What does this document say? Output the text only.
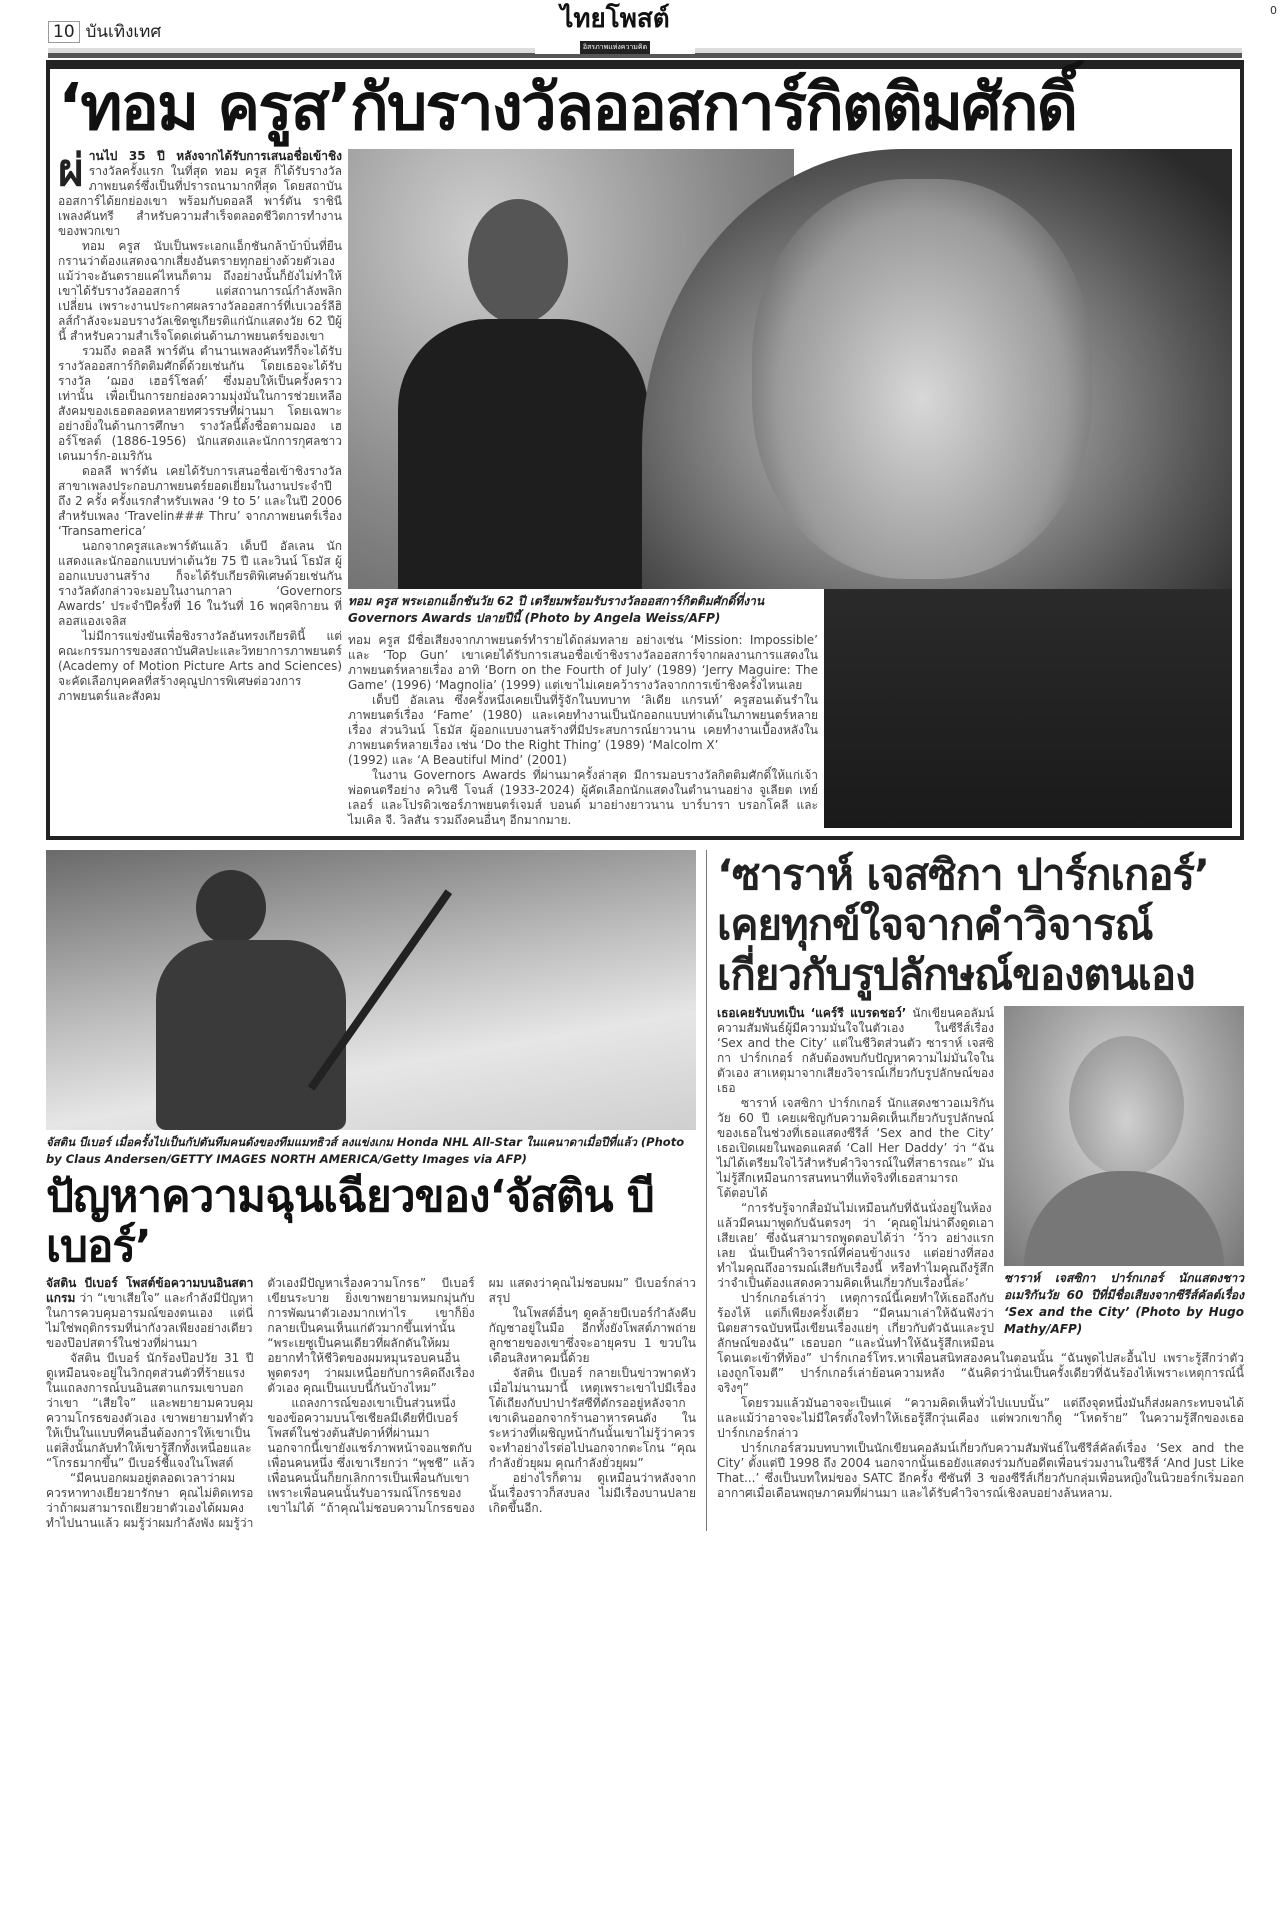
10 บันเทิงเทศ	ไทยโพสต์
อิสรภาพแห่งความคิด
0
‘ทอม ครูส’กับรางวัลออสการ์กิตติมศักดิ์
ผ่ านไป 35 ปี หลังจากได้รับการเสนอชื่อเข้าชิง รางวัลครั้งแรก ในที่สุด ทอม ครูส ก็ได้รับรางวัลภาพยนตร์ซึ่งเป็นที่ปรารถนามากที่สุด โดยสถาบันออสการ์ได้ยกย่องเขา พร้อมกับดอลลี พาร์ตัน ราชินีเพลงคันทรี สำหรับความสำเร็จตลอดชีวิตการทำงานของพวกเขา

ทอม ครูส นับเป็นพระเอกแอ็กชันกล้าบ้าบิ่นที่ยืนกรานว่าต้องแสดงฉากเสี่ยงอันตรายทุกอย่างด้วยตัวเอง แม้ว่าจะอันตรายแค่ไหนก็ตาม ถึงอย่างนั้นก็ยังไม่ทำให้เขาได้รับรางวัลออสการ์ แต่สถานการณ์กำลังพลิกเปลี่ยน เพราะงานประกาศผลรางวัลออสการ์ที่เบเวอร์ลีฮิลส์กำลังจะมอบรางวัลเชิดชูเกียรติแก่นักแสดงวัย 62 ปีผู้นี้ สำหรับความสำเร็จโดดเด่นด้านภาพยนตร์ของเขา

รวมถึง ดอลลี พาร์ตัน ตำนานเพลงคันทรีก็จะได้รับรางวัลออสการ์กิตติมศักดิ์ด้วยเช่นกัน โดยเธอจะได้รับรางวัล ‘ฌอง เฮอร์โชลต์’ ซึ่งมอบให้เป็นครั้งคราวเท่านั้น เพื่อเป็นการยกย่องความมุ่งมั่นในการช่วยเหลือสังคมของเธอตลอดหลายทศวรรษที่ผ่านมา โดยเฉพาะอย่างยิ่งในด้านการศึกษา รางวัลนี้ตั้งชื่อตามฌอง เฮอร์โชลต์ (1886-1956) นักแสดงและนักการกุศลชาวเดนมาร์ก-อเมริกัน

ดอลลี พาร์ตัน เคยได้รับการเสนอชื่อเข้าชิงรางวัลสาขาเพลงประกอบภาพยนตร์ยอดเยี่ยมในงานประจำปีถึง 2 ครั้ง ครั้งแรกสำหรับเพลง ‘9 to 5’ และในปี 2006 สำหรับเพลง ‘Travelin### Thru’ จากภาพยนตร์เรื่อง ‘Transamerica’

นอกจากครูสและพาร์ตันแล้ว เด็บบี อัลเลน นักแสดงและนักออกแบบท่าเต้นวัย 75 ปี และวินน์ โธมัส ผู้ออกแบบงานสร้าง ก็จะได้รับเกียรติพิเศษด้วยเช่นกัน รางวัลดังกล่าวจะมอบในงานกาลา ‘Governors Awards’ ประจำปีครั้งที่ 16 ในวันที่ 16 พฤศจิกายน ที่ลอสแองเจลิส

ไม่มีการแข่งขันเพื่อชิงรางวัลอันทรงเกียรตินี้ แต่คณะกรรมการของสถาบันศิลปะและวิทยาการภาพยนตร์ (Academy of Motion Picture Arts and Sciences) จะคัดเลือกบุคคลที่สร้างคุณูปการพิเศษต่อวงการภาพยนตร์และสังคม

ทอม ครูส พระเอกแอ็กชันวัย 62 ปี เตรียมพร้อมรับรางวัลออสการ์กิตติมศักดิ์ที่งาน Governors Awards ปลายปีนี้ (Photo by Angela Weiss/AFP)

ทอม ครูส มีชื่อเสียงจากภาพยนตร์ทำรายได้ถล่มทลาย อย่างเช่น ‘Mission: Impossible’ และ ‘Top Gun’ เขาเคยได้รับการเสนอชื่อเข้าชิงรางวัลออสการ์จากผลงานการแสดงในภาพยนตร์หลายเรื่อง อาทิ ‘Born on the Fourth of July’ (1989) ‘Jerry Maguire: The Game’ (1996) ‘Magnolia’ (1999) แต่เขาไม่เคยคว้ารางวัลจากการเข้าชิงครั้งไหนเลย

เด็บบี อัลเลน ซึ่งครั้งหนึ่งเคยเป็นที่รู้จักในบทบาท ‘ลิเดีย แกรนท์’ ครูสอนเต้นรำในภาพยนตร์เรื่อง ‘Fame’ (1980) และเคยทำงานเป็นนักออกแบบท่าเต้นในภาพยนตร์หลายเรื่อง ส่วนวินน์ โธมัส ผู้ออกแบบงานสร้างที่มีประสบการณ์ยาวนาน เคยทำงานเบื้องหลังในภาพยนตร์หลายเรื่อง เช่น ‘Do the Right Thing’ (1989) ‘Malcolm X’

(1992) และ ‘A Beautiful Mind’ (2001)

ในงาน Governors Awards ที่ผ่านมาครั้งล่าสุด มีการมอบรางวัลกิตติมศักดิ์ให้แก่เจ้าพ่อดนตรีอย่าง ควินซี โจนส์ (1933-2024) ผู้คัดเลือกนักแสดงในตำนานอย่าง จูเลียต เทย์เลอร์ และโปรดิวเซอร์ภาพยนตร์เจมส์ บอนด์ มาอย่างยาวนาน บาร์บารา บรอกโคลี และไมเคิล จี. วิลสัน รวมถึงคนอื่นๆ อีกมากมาย.

จัสติน บีเบอร์ เมื่อครั้งไปเป็นกัปตันทีมคนดังของทีมแมทธิวส์ ลงแข่งเกม Honda NHL All-Star ในแคนาดาเมื่อปีที่แล้ว (Photo by Claus Andersen/GETTY IMAGES NORTH AMERICA/Getty Images via AFP)
ปัญหาความฉุนเฉียวของ‘จัสติน บีเบอร์’

จัสติน บีเบอร์ โพสต์ข้อความบนอินสตาแกรม ว่า “เขาเสียใจ” และกำลังมีปัญหาในการควบคุมอารมณ์ของตนเอง แต่นี่ไม่ใช่พฤติกรรมที่น่ากังวลเพียงอย่างเดียวของป๊อปสตาร์ในช่วงที่ผ่านมา

จัสติน บีเบอร์ นักร้องป๊อปวัย 31 ปี ดูเหมือนจะอยู่ในวิกฤตส่วนตัวที่ร้ายแรง ในแถลงการณ์บนอินสตาแกรมเขาบอกว่าเขา “เสียใจ” และพยายามควบคุมความโกรธของตัวเอง เขาพยายามทำตัวให้เป็นในแบบที่คนอื่นต้องการให้เขาเป็น แต่สิ่งนั้นกลับทำให้เขารู้สึกทั้งเหนื่อยและ “โกรธมากขึ้น” บีเบอร์ชี้แจงในโพสต์

“มีคนบอกผมอยู่ตลอดเวลาว่าผมควรหาทางเยียวยารักษา คุณไม่ติดเทรอว่าถ้าผมสามารถเยียวยาตัวเองได้ผมคงทำไปนานแล้ว ผมรู้ว่าผมกำลังพัง ผมรู้ว่าตัวเองมีปัญหาเรื่องความโกรธ” บีเบอร์เขียนระบาย ยิ่งเขาพยายามหมกมุ่นกับการพัฒนาตัวเองมากเท่าไร เขาก็ยิ่งกลายเป็นคนเห็นแก่ตัวมากขึ้นเท่านั้น “พระเยซูเป็นคนเดียวที่ผลักดันให้ผมอยากทำให้ชีวิตของผมหมุนรอบคนอื่น พูดตรงๆ ว่าผมเหนื่อยกับการคิดถึงเรื่องตัวเอง คุณเป็นแบบนี้กันบ้างไหม”

แถลงการณ์ของเขาเป็นส่วนหนึ่งของข้อความบนโซเชียลมีเดียที่บีเบอร์โพสต์ในช่วงต้นสัปดาห์ที่ผ่านมา นอกจากนี้เขายังแชร์ภาพหน้าจอแชตกับเพื่อนคนหนึ่ง ซึ่งเขาเรียกว่า “พุชชี” แล้วเพื่อนคนนั้นก็ยกเลิกการเป็นเพื่อนกับเขา เพราะเพื่อนคนนั้นรับอารมณ์โกรธของเขาไม่ได้ “ถ้าคุณไม่ชอบความโกรธของผม แสดงว่าคุณไม่ชอบผม” บีเบอร์กล่าวสรุป

ในโพสต์อื่นๆ ดูคล้ายบีเบอร์กำลังคีบกัญชาอยู่ในมือ อีกทั้งยังโพสต์ภาพถ่ายลูกชายของเขาซึ่งจะอายุครบ 1 ขวบในเดือนสิงหาคมนี้ด้วย

จัสติน บีเบอร์ กลายเป็นข่าวพาดหัวเมื่อไม่นานมานี้ เหตุเพราะเขาไปมีเรื่องโต้เถียงกับปาปารัสซีที่ดักรออยู่หลังจากเขาเดินออกจากร้านอาหารคนดัง ในระหว่างที่เผชิญหน้ากันนั้นเขาไม่รู้ว่าควรจะทำอย่างไรต่อไปนอกจากตะโกน “คุณกำลังยั่วยุผม คุณกำลังยั่วยุผม”

อย่างไรก็ตาม ดูเหมือนว่าหลังจากนั้นเรื่องราวก็สงบลง ไม่มีเรื่องบานปลายเกิดขึ้นอีก.

‘ซาราห์ เจสซิกา ปาร์กเกอร์’
เคยทุกข์ใจจากคำวิจารณ์
เกี่ยวกับรูปลักษณ์ของตนเอง
ซาราห์ เจสซิกา ปาร์กเกอร์ นักแสดงชาวอเมริกันวัย 60 ปีที่มีชื่อเสียงจากซีรีส์คัลต์เรื่อง ‘Sex and the City’ (Photo by Hugo Mathy/AFP)

เธอเคยรับบทเป็น ‘แคร์รี แบรดชอว์’ นักเขียนคอลัมน์ความสัมพันธ์ผู้มีความมั่นใจในตัวเอง ในซีรีส์เรื่อง ‘Sex and the City’ แต่ในชีวิตส่วนตัว ซาราห์ เจสซิกา ปาร์กเกอร์ กลับต้องพบกับปัญหาความไม่มั่นใจในตัวเอง สาเหตุมาจากเสียงวิจารณ์เกี่ยวกับรูปลักษณ์ของเธอ

ซาราห์ เจสซิกา ปาร์กเกอร์ นักแสดงชาวอเมริกันวัย 60 ปี เคยเผชิญกับความคิดเห็นเกี่ยวกับรูปลักษณ์ของเธอในช่วงที่เธอแสดงซีรีส์ ‘Sex and the City’ เธอเปิดเผยในพอดแคสต์ ‘Call Her Daddy’ ว่า “ฉันไม่ได้เตรียมใจไว้สำหรับคำวิจารณ์ในที่สาธารณะ” มันไม่รู้สึกเหมือนการสนทนาที่แท้จริงที่เธอสามารถโต้ตอบได้

“การรับรู้จากสื่อมันไม่เหมือนกับที่ฉันนั่งอยู่ในห้องแล้วมีคนมาพูดกับฉันตรงๆ ว่า ‘คุณดูไม่น่าดึงดูดเอาเสียเลย’ ซึ่งฉันสามารถพูดตอบได้ว่า ‘ว้าว อย่างแรกเลย นั่นเป็นคำวิจารณ์ที่ค่อนข้างแรง แต่อย่างที่สอง ทำไมคุณถึงอารมณ์เสียกับเรื่องนี้ หรือทำไมคุณถึงรู้สึกว่าจำเป็นต้องแสดงความคิดเห็นเกี่ยวกับเรื่องนี้ล่ะ’

ปาร์กเกอร์เล่าว่า เหตุการณ์นี้เคยทำให้เธอถึงกับร้องไห้ แต่ก็เพียงครั้งเดียว “มีคนมาเล่าให้ฉันฟังว่านิตยสารฉบับหนึ่งเขียนเรื่องแย่ๆ เกี่ยวกับตัวฉันและรูปลักษณ์ของฉัน” เธอบอก “และนั่นทำให้ฉันรู้สึกเหมือนโดนเตะเข้าที่ท้อง” ปาร์กเกอร์โทร.หาเพื่อนสนิทสองคนในตอนนั้น “ฉันพูดไปสะอื้นไป เพราะรู้สึกว่าตัวเองถูกโจมตี” ปาร์กเกอร์เล่าย้อนความหลัง “ฉันคิดว่านั่นเป็นครั้งเดียวที่ฉันร้องไห้เพราะเหตุการณ์นี้จริงๆ”

โดยรวมแล้วมันอาจจะเป็นแค่ “ความคิดเห็นทั่วไปแบบนั้น” แต่ถึงจุดหนึ่งมันก็ส่งผลกระทบจนได้ และแม้ว่าอาจจะไม่มีใครตั้งใจทำให้เธอรู้สึกวุ่นเคือง แต่พวกเขาก็ดู “โหดร้าย” ในความรู้สึกของเธอ ปาร์กเกอร์กล่าว

ปาร์กเกอร์สวมบทบาทเป็นนักเขียนคอลัมน์เกี่ยวกับความสัมพันธ์ในซีรีส์คัลต์เรื่อง ‘Sex and the City’ ตั้งแต่ปี 1998 ถึง 2004 นอกจากนั้นเธอยังแสดงร่วมกับอดีตเพื่อนร่วมงานในซีรีส์ ‘And Just Like That...’ ซึ่งเป็นบทใหม่ของ SATC อีกครั้ง ซีซันที่ 3 ของซีรีส์เกี่ยวกับกลุ่มเพื่อนหญิงในนิวยอร์กเริ่มออกอากาศเมื่อเดือนพฤษภาคมที่ผ่านมา และได้รับคำวิจารณ์เชิงลบอย่างล้นหลาม.
